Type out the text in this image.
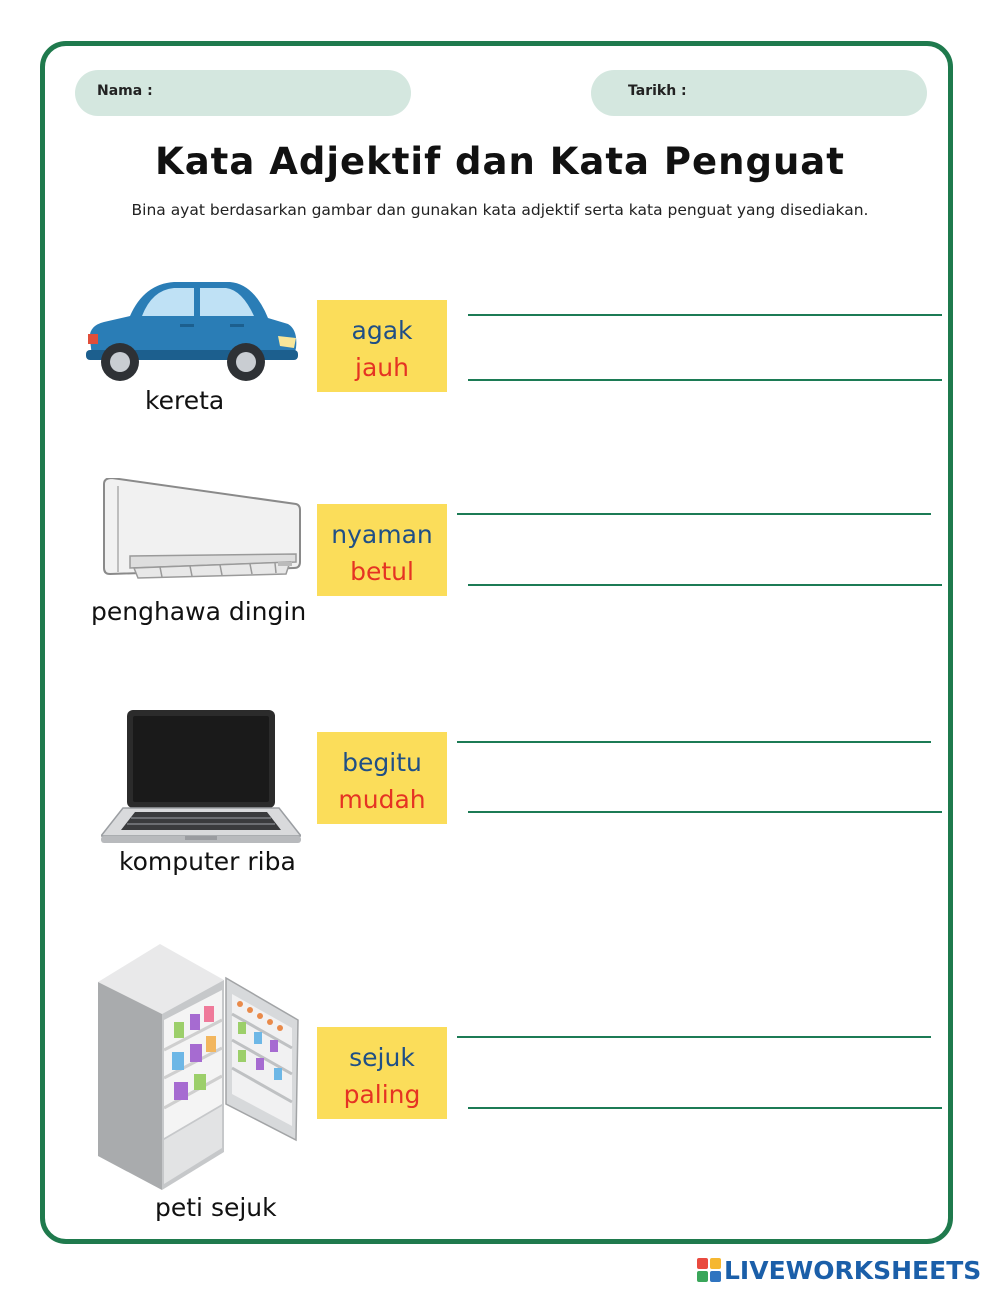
Nama :	Tarikh :
Kata Adjektif dan Kata Penguat
Bina ayat berdasarkan gambar dan gunakan kata adjektif serta kata penguat yang disediakan.
kereta
agak
jauh
penghawa dingin
nyaman
betul
komputer riba
begitu
mudah
peti sejuk
sejuk
paling
LIVEWORKSHEETS
